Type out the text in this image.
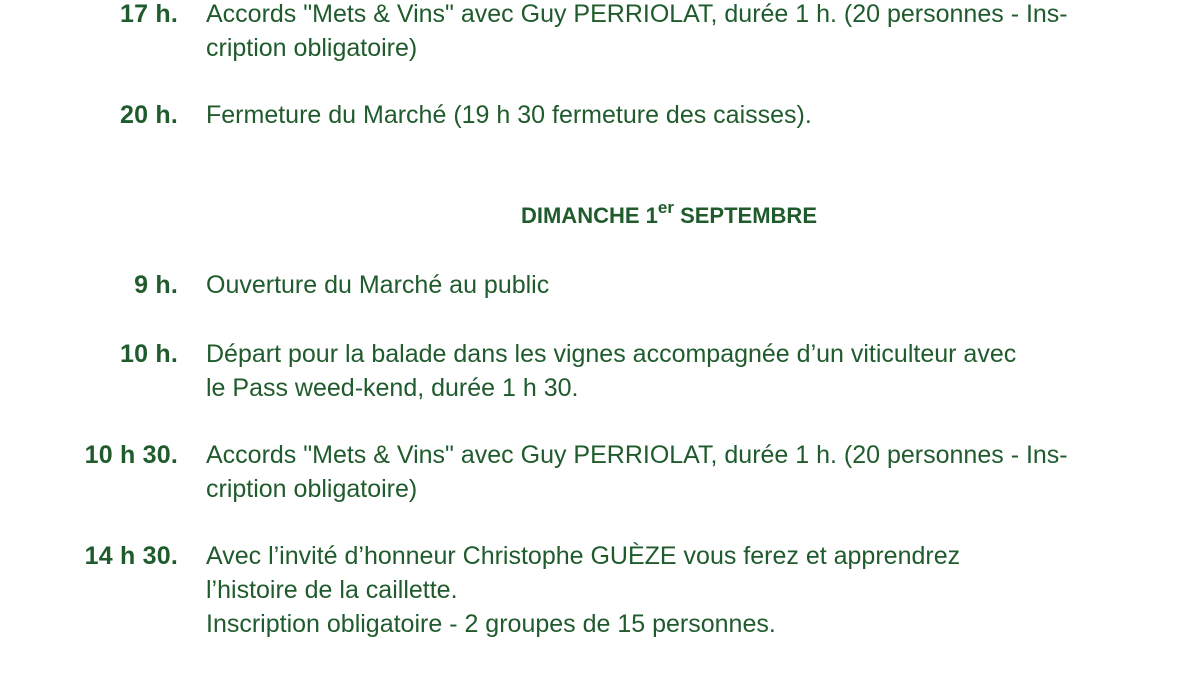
17 h. Accords "Mets & Vins" avec Guy PERRIOLAT, durée 1 h. (20 personnes - Ins-
cription obligatoire)
20 h. Fermeture du Marché (19 h 30 fermeture des caisses).
DIMANCHE 1er SEPTEMBRE
9 h. Ouverture du Marché au public
10 h. Départ pour la balade dans les vignes accompagnée d’un viticulteur avec
le Pass weed-kend, durée 1 h 30.
10 h 30. Accords "Mets & Vins" avec Guy PERRIOLAT, durée 1 h. (20 personnes - Ins-
cription obligatoire)
14 h 30. Avec l’invité d’honneur Christophe GUÈZE vous ferez et apprendrez
l’histoire de la caillette.
Inscription obligatoire - 2 groupes de 15 personnes.
